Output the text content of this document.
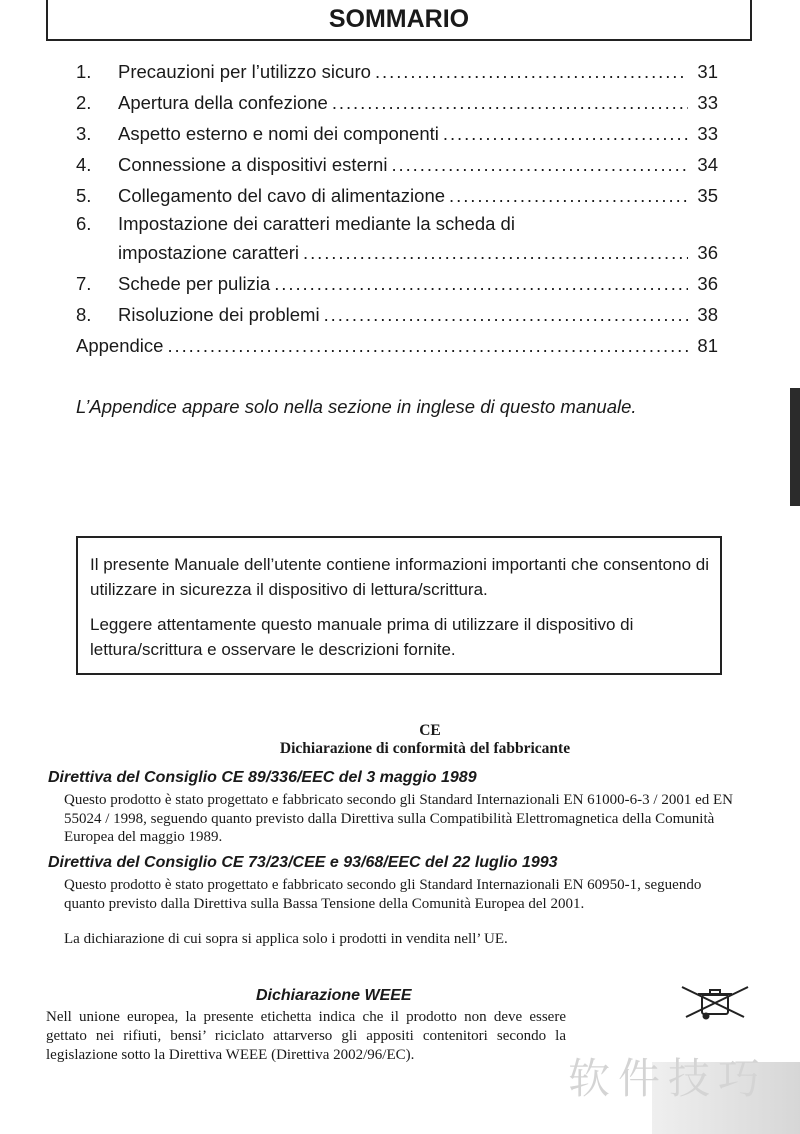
SOMMARIO
1.	Precauzioni per l’utilizzo sicuro . . .	31
2.	Apertura della confezione . . .	33
3.	Aspetto esterno e nomi dei componenti . . .	33
4.	Connessione a dispositivi esterni . . .	34
5.	Collegamento del cavo di alimentazione . . .	35
6.	Impostazione dei caratteri mediante la scheda di
impostazione caratteri . . .	36
7.	Schede per pulizia . . .	36
8.	Risoluzione dei problemi . . .	38
Appendice . . .	81
L’Appendice appare solo nella sezione in inglese di questo manuale.

Il presente Manuale dell’utente contiene informazioni importanti che consentono di utilizzare in sicurezza il dispositivo di lettura/scrittura.

Leggere attentamente questo manuale prima di utilizzare il dispositivo di lettura/scrittura e osservare le descrizioni fornite.

CE
Dichiarazione di conformità del fabbricante
Direttiva del Consiglio CE 89/336/EEC del 3 maggio 1989
Questo prodotto è stato progettato e fabbricato secondo gli Standard Internazionali EN 61000-6-3 / 2001 ed EN 55024 / 1998, seguendo quanto previsto dalla Direttiva sulla Compatibilità Elettromagnetica della Comunità Europea del maggio 1989.
Direttiva del Consiglio CE 73/23/CEE e 93/68/EEC del 22 luglio 1993
Questo prodotto è stato progettato e fabbricato secondo gli Standard Internazionali EN 60950-1, seguendo quanto previsto dalla Direttiva sulla Bassa Tensione della Comunità Europea del 2001.
La dichiarazione di cui sopra si applica solo i prodotti in vendita nell’ UE.
Dichiarazione WEEE
Nell unione europea, la presente etichetta indica che il prodotto non deve essere gettato nei rifiuti, bensi’ riciclato attarverso gli appositi contenitori secondo la legislazione sotto la Direttiva WEEE (Direttiva 2002/96/EC).	软件技巧
